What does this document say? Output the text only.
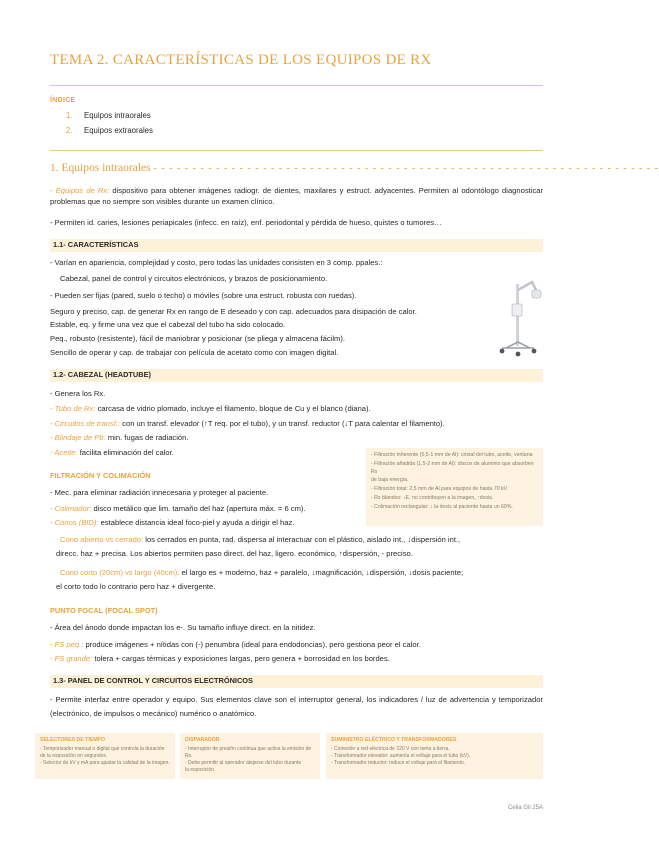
TEMA 2. CARACTERÍSTICAS DE LOS EQUIPOS DE RX
ÍNDICE
1. Equipos intraorales
2. Equipos extraorales
1. Equipos intraorales - - - - - - - - - - - - - - - - - - - - - - - - - - - - - - - - - - - - - - - - - - - - - - - - - - - - - - - - - - - - - - - - -
- Equipos de Rx: dispositivo para obtener imágenes radiogr. de dientes, maxilares y estruct. adyacentes. Permiten al odontólogo diagnosticar problemas que no siempre son visibles durante un examen clínico.
- Permiten id. caries, lesiones periapicales (infecc. en raíz), enf. periodontal y pérdida de hueso, quistes o tumores…
1.1- CARACTERÍSTICAS
- Varían en apariencia, complejidad y costo, pero todas las unidades consisten en 3 comp. ppales.:
Cabezal, panel de control y circuitos electrónicos, y brazos de posicionamiento.
- Pueden ser fijas (pared, suelo o techo) o móviles (sobre una estruct. robusta con ruedas).
Seguro y preciso, cap. de generar Rx en rango de E deseado y con cap. adecuados para disipación de calor.
Estable, eq. y firme una vez que el cabezal del tubo ha sido colocado.
Peq., robusto (resistente), fácil de maniobrar y posicionar (se pliega y almacena fácilm).
Sencillo de operar y cap. de trabajar con película de acetato como con imagen digital.
1.2- CABEZAL (HEADTUBE)
- Genera los Rx.
- Tubo de Rx: carcasa de vidrio plomado, incluye el filamento, bloque de Cu y el blanco (diana).
- Circuitos de transf.: con un transf. elevador (↑T req. por el tubo), y un transf. reductor (↓T para calentar el filamento).
- Blindaje de Pb: min. fugas de radiación.
- Aceite: facilita eliminación del calor.	- Filtración inherente (0,5-1 mm de Al): cristal del tubo, aceite, ventana
- Filtración añadida (1,5-2 mm de Al): discos de aluminio que absorben Rx
de baja energía.
- Filtración total: 2,5 mm de Al para equipos de hasta 70 kV.
- Rx blandos: ↓E, no contribuyen a la imagen, ↑dosis.
- Colimación rectangular: ↓ la dosis al paciente hasta un 60%.
FILTRACIÓN Y COLIMACIÓN
- Mec. para eliminar radiación innecesaria y proteger al paciente.
- Colimador: disco metálico que lim. tamaño del haz (apertura máx. = 6 cm).
- Conos (BID): establece distancia ideal foco-piel y ayuda a dirigir el haz.
Cono abierto vs cerrado: los cerrados en punta, rad. dispersa al interactuar con el plástico, aislado int., ↓dispersión int.,
direcc. haz + precisa. Los abiertos permiten paso direct. del haz, ligero. económico, ↑dispersión, - preciso.
Cono corto (20cm) vs largo (40cm): el largo es + moderno, haz + paralelo, ↓magnificación, ↓dispersión, ↓dosis paciente;
el corto todo lo contrario pero haz + divergente.
PUNTO FOCAL (FOCAL SPOT)
- Área del ánodo donde impactan los e-. Su tamaño influye direct. en la nitidez.
- FS peq.: produce imágenes + nítidas con (-) penumbra (ideal para endodoncias), pero gestiona peor el calor.
- FS grande: tolera + cargas térmicas y exposiciones largas, pero genera + borrosidad en los bordes.
1.3- PANEL DE CONTROL Y CIRCUITOS ELECTRÓNICOS
- Permite interfaz entre operador y equipo. Sus elementos clave son el interruptor general, los indicadores / luz de advertencia y temporizador (electrónico, de impulsos o mecánico) numérico o anatómico.
SELECTORES DE TIEMPO
- Temporizador manual o digital que controla la duración
de la exposición en segundos.
- Selector de kV y mA para ajustar la calidad de la imagen.
DISPARADOR
- Interruptor de presión continua que activa la emisión de Rx.
- Debe permitir al operador alejarse del tubo durante
la exposición.
SUMINISTRO ELÉCTRICO Y TRANSFORMADORES
- Conexión a red eléctrica de 220 V con toma a tierra.
- Transformador elevador: aumenta el voltaje para el tubo (kV).
- Transformador reductor: reduce el voltaje para el filamento.
Celia Gil 25A
